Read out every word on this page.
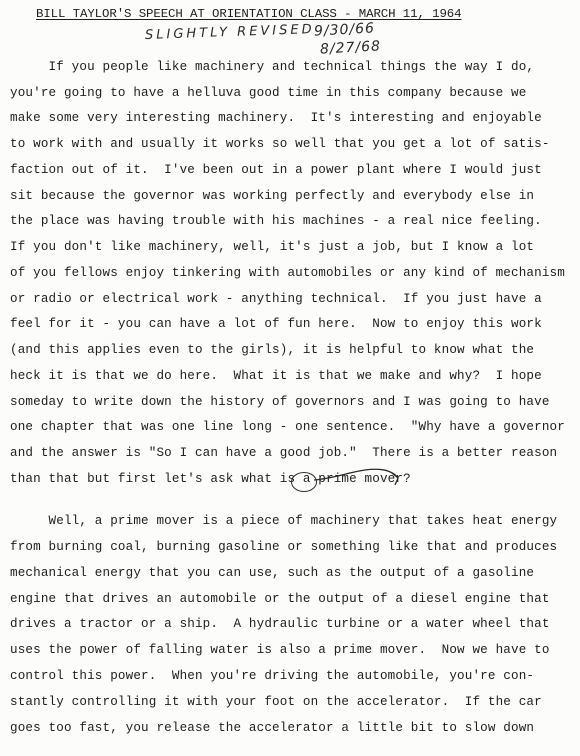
BILL TAYLOR'S SPEECH AT ORIENTATION CLASS - MARCH 11, 1964
SLIGHTLY REVISED
9/30/66
8/27/68
If you people like machinery and technical things the way I do,
you're going to have a helluva good time in this company because we
make some very interesting machinery.  It's interesting and enjoyable
to work with and usually it works so well that you get a lot of satis-
faction out of it.  I've been out in a power plant where I would just
sit because the governor was working perfectly and everybody else in
the place was having trouble with his machines - a real nice feeling.
If you don't like machinery, well, it's just a job, but I know a lot
of you fellows enjoy tinkering with automobiles or any kind of mechanism
or radio or electrical work - anything technical.  If you just have a
feel for it - you can have a lot of fun here.  Now to enjoy this work
(and this applies even to the girls), it is helpful to know what the
heck it is that we do here.  What it is that we make and why?  I hope
someday to write down the history of governors and I was going to have
one chapter that was one line long - one sentence.  "Why have a governor
and the answer is "So I can have a good job."  There is a better reason
than that but first let's ask what is a prime mover?
Well, a prime mover is a piece of machinery that takes heat energy
from burning coal, burning gasoline or something like that and produces
mechanical energy that you can use, such as the output of a gasoline
engine that drives an automobile or the output of a diesel engine that
drives a tractor or a ship.  A hydraulic turbine or a water wheel that
uses the power of falling water is also a prime mover.  Now we have to
control this power.  When you're driving the automobile, you're con-
stantly controlling it with your foot on the accelerator.  If the car
goes too fast, you release the accelerator a little bit to slow down
